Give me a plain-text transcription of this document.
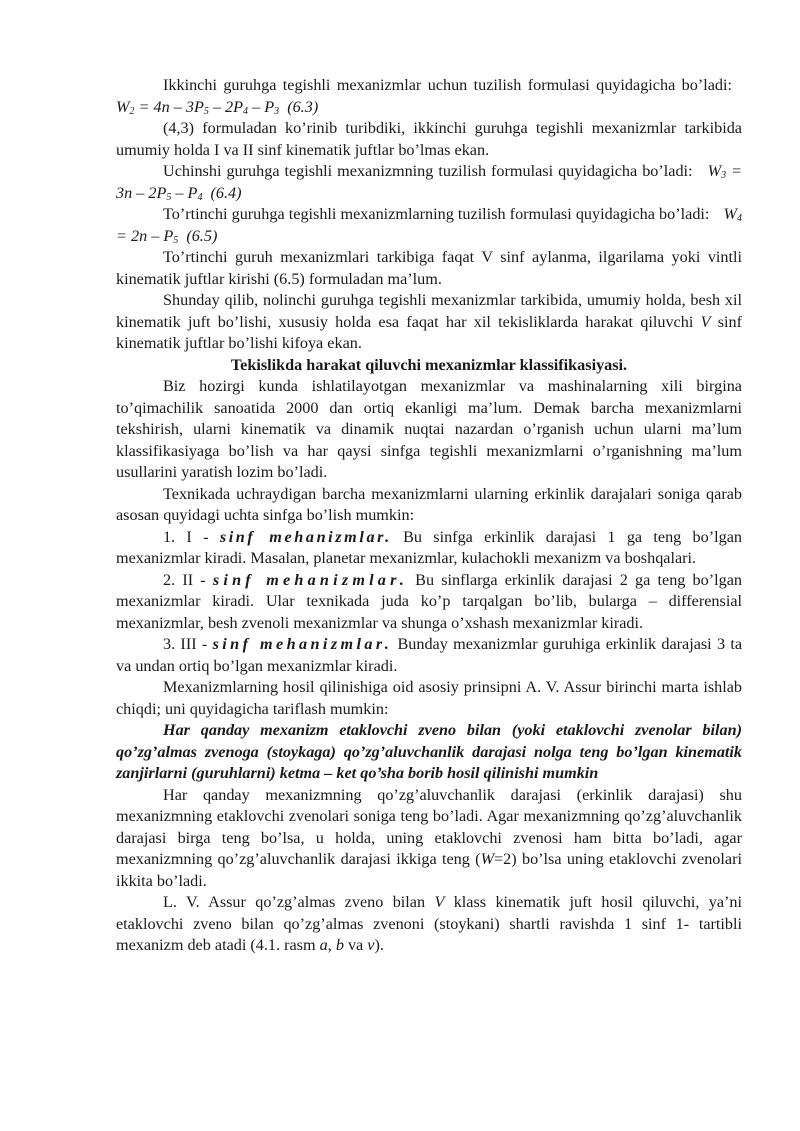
Ikkinchi guruhga tegishli mexanizmlar uchun tuzilish formulasi quyidagicha bo’ladi: $W_2 = 4n - 3P_5 - 2P_4 - P_3$ (6.3)

(4,3) formuladan ko’rinib turibdiki, ikkinchi guruhga tegishli mexanizmlar tarkibida umumiy holda I va II sinf kinematik juftlar bo’lmas ekan.

Uchinshi guruhga tegishli mexanizmning tuzilish formulasi quyidagicha bo’ladi: $W_3 = 3n - 2P_5 - P_4$ (6.4)

To’rtinchi guruhga tegishli mexanizmlarning tuzilish formulasi quyidagicha bo’ladi: $W_4 = 2n - P_5$ (6.5)

To’rtinchi guruh mexanizmlari tarkibiga faqat V sinf aylanma, ilgarilama yoki vintli kinematik juftlar kirishi (6.5) formuladan ma’lum.

Shunday qilib, nolinchi guruhga tegishli mexanizmlar tarkibida, umumiy holda, besh xil kinematik juft bo’lishi, xususiy holda esa faqat har xil tekisliklarda harakat qiluvchi V sinf kinematik juftlar bo’lishi kifoya ekan.

Tekislikda harakat qiluvchi mexanizmlar klassifikasiyasi.

Biz hozirgi kunda ishlatilayotgan mexanizmlar va mashinalarning xili birgina to’qimachilik sanoatida 2000 dan ortiq ekanligi ma’lum. Demak barcha mexanizmlarni tekshirish, ularni kinematik va dinamik nuqtai nazardan o’rganish uchun ularni ma’lum klassifikasiyaga bo’lish va har qaysi sinfga tegishli mexanizmlarni o’rganishning ma’lum usullarini yaratish lozim bo’ladi.

Texnikada uchraydigan barcha mexanizmlarni ularning erkinlik darajalari soniga qarab asosan quyidagi uchta sinfga bo’lish mumkin:

1. I - sinf mehanizmlar. Bu sinfga erkinlik darajasi 1 ga teng bo’lgan mexanizmlar kiradi. Masalan, planetar mexanizmlar, kulachokli mexanizm va boshqalari.

2. II - sinf mehanizmlar. Bu sinflarga erkinlik darajasi 2 ga teng bo’lgan mexanizmlar kiradi. Ular texnikada juda ko’p tarqalgan bo’lib, bularga – differensial mexanizmlar, besh zvenoli mexanizmlar va shunga o’xshash mexanizmlar kiradi.

3. III - sinf mehanizmlar. Bunday mexanizmlar guruhiga erkinlik darajasi 3 ta va undan ortiq bo’lgan mexanizmlar kiradi.

Mexanizmlarning hosil qilinishiga oid asosiy prinsipni A. V. Assur birinchi marta ishlab chiqdi; uni quyidagicha tariflash mumkin:

Har qanday mexanizm etaklovchi zveno bilan (yoki etaklovchi zvenolar bilan) qo’zg’almas zvenoga (stoykaga) qo’zg’aluvchanlik darajasi nolga teng bo’lgan kinematik zanjirlarni (guruhlarni) ketma – ket qo’sha borib hosil qilinishi mumkin

Har qanday mexanizmning qo’zg’aluvchanlik darajasi (erkinlik darajasi) shu mexanizmning etaklovchi zvenolari soniga teng bo’ladi. Agar mexanizmning qo’zg’aluvchanlik darajasi birga teng bo’lsa, u holda, uning etaklovchi zvenosi ham bitta bo’ladi, agar mexanizmning qo’zg’aluvchanlik darajasi ikkiga teng (W=2) bo’lsa uning etaklovchi zvenolari ikkita bo’ladi.

L. V. Assur qo’zg’almas zveno bilan V klass kinematik juft hosil qiluvchi, ya’ni etaklovchi zveno bilan qo’zg’almas zvenoni (stoykani) shartli ravishda 1 sinf 1- tartibli mexanizm deb atadi (4.1. rasm a, b va v).
